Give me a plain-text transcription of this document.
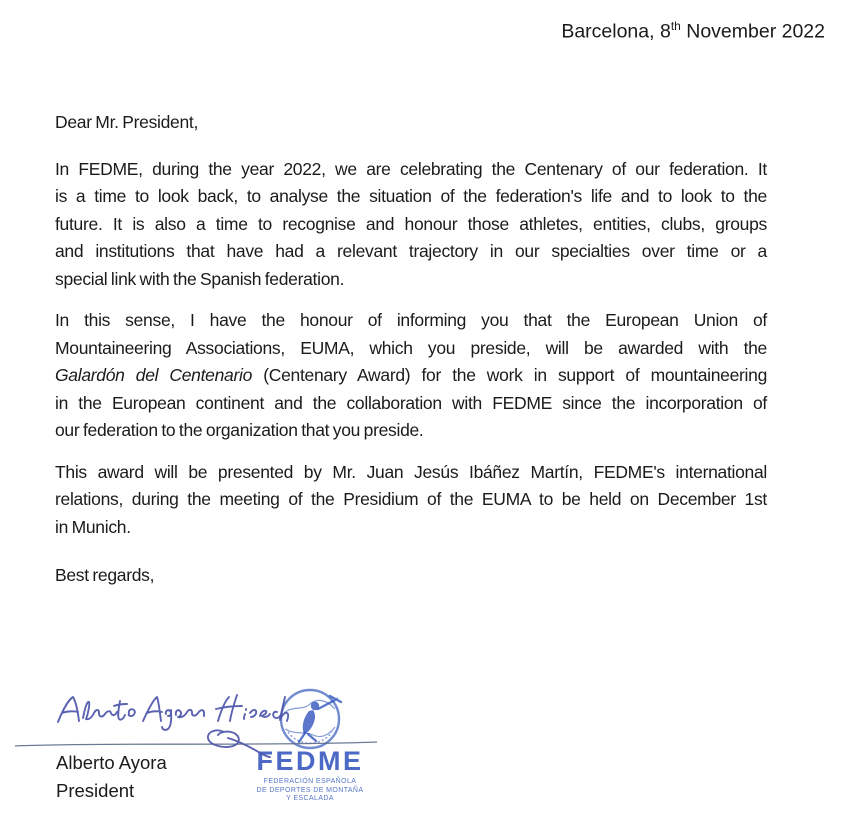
Barcelona, 8th November 2022
Dear Mr. President,
In FEDME, during the year 2022, we are celebrating the Centenary of our federation. It
is a time to look back, to analyse the situation of the federation's life and to look to the
future. It is also a time to recognise and honour those athletes, entities, clubs, groups
and institutions that have had a relevant trajectory in our specialties over time or a
special link with the Spanish federation.
In this sense, I have the honour of informing you that the European Union of
Mountaineering Associations, EUMA, which you preside, will be awarded with the
Galardón del Centenario (Centenary Award) for the work in support of mountaineering
in the European continent and the collaboration with FEDME since the incorporation of
our federation to the organization that you preside.
This award will be presented by Mr. Juan Jesús Ibáñez Martín, FEDME's international
relations, during the meeting of the Presidium of the EUMA to be held on December 1st
in Munich.
Best regards,
FEDME
FEDERACIÓN ESPAÑOLA
DE DEPORTES DE MONTAÑA
Y ESCALADA
Alberto Ayora
President
